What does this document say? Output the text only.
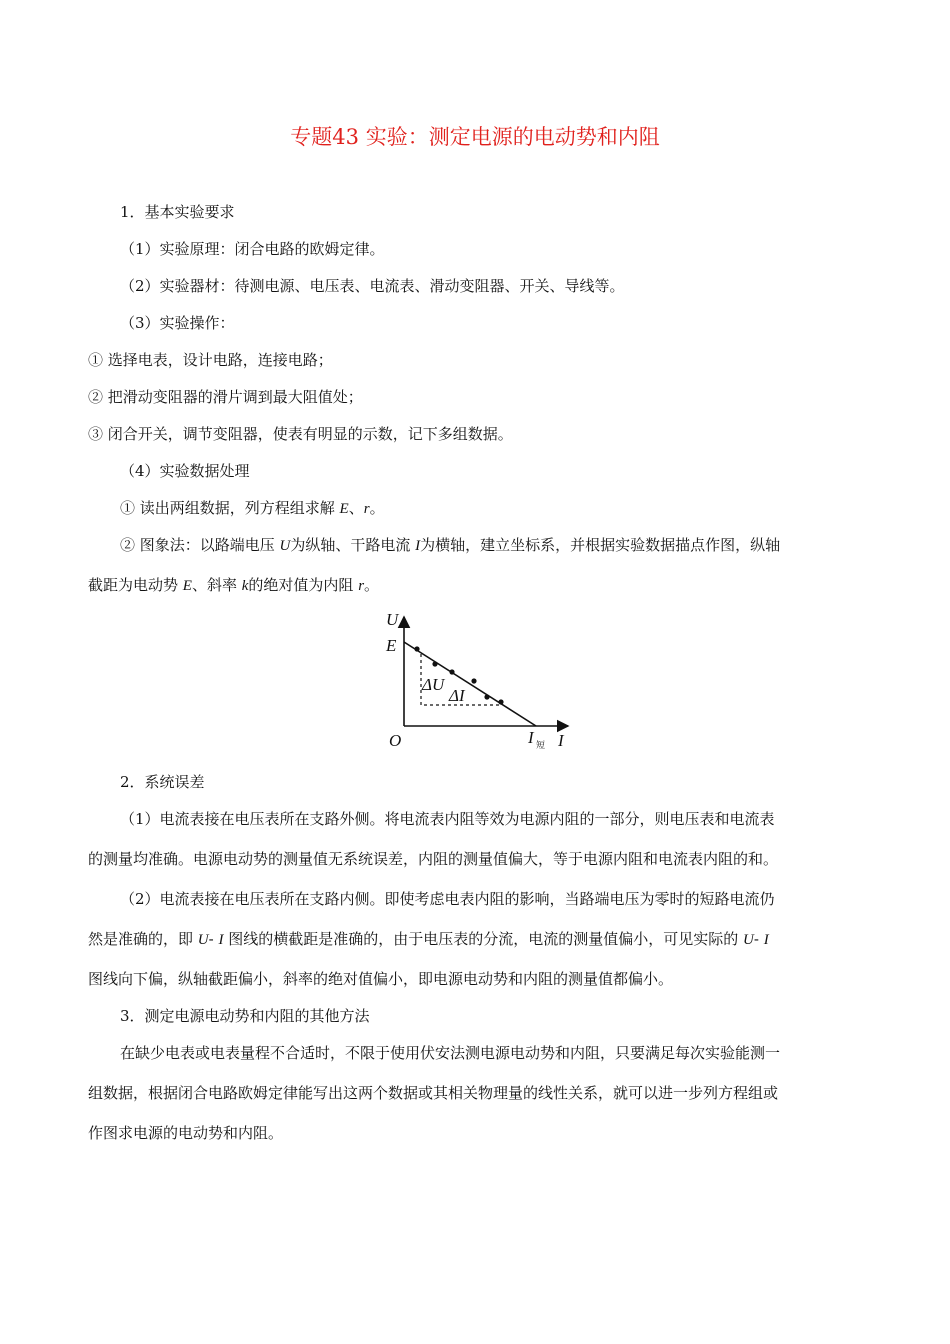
专题43 实验：测定电源的电动势和内阻
1．基本实验要求
（1）实验原理：闭合电路的欧姆定律。
（2）实验器材：待测电源、电压表、电流表、滑动变阻器、开关、导线等。
（3）实验操作：
① 选择电表，设计电路，连接电路；
② 把滑动变阻器的滑片调到最大阻值处；
③ 闭合开关，调节变阻器，使表有明显的示数，记下多组数据。
（4）实验数据处理
① 读出两组数据，列方程组求解 E、r。
② 图象法：以路端电压 U为纵轴、干路电流 I为横轴，建立坐标系，并根据实验数据描点作图，纵轴
截距为电动势 E、斜率 k的绝对值为内阻 r。
U
E
O	I
I 短
ΔU
ΔI
2．系统误差
（1）电流表接在电压表所在支路外侧。将电流表内阻等效为电源内阻的一部分，则电压表和电流表
的测量均准确。电源电动势的测量值无系统误差，内阻的测量值偏大，等于电源内阻和电流表内阻的和。
（2）电流表接在电压表所在支路内侧。即使考虑电表内阻的影响，当路端电压为零时的短路电流仍
然是准确的，即 U- I 图线的横截距是准确的，由于电压表的分流，电流的测量值偏小，可见实际的 U- I
图线向下偏，纵轴截距偏小，斜率的绝对值偏小，即电源电动势和内阻的测量值都偏小。
3．测定电源电动势和内阻的其他方法
在缺少电表或电表量程不合适时，不限于使用伏安法测电源电动势和内阻，只要满足每次实验能测一
组数据，根据闭合电路欧姆定律能写出这两个数据或其相关物理量的线性关系，就可以进一步列方程组或
作图求电源的电动势和内阻。
